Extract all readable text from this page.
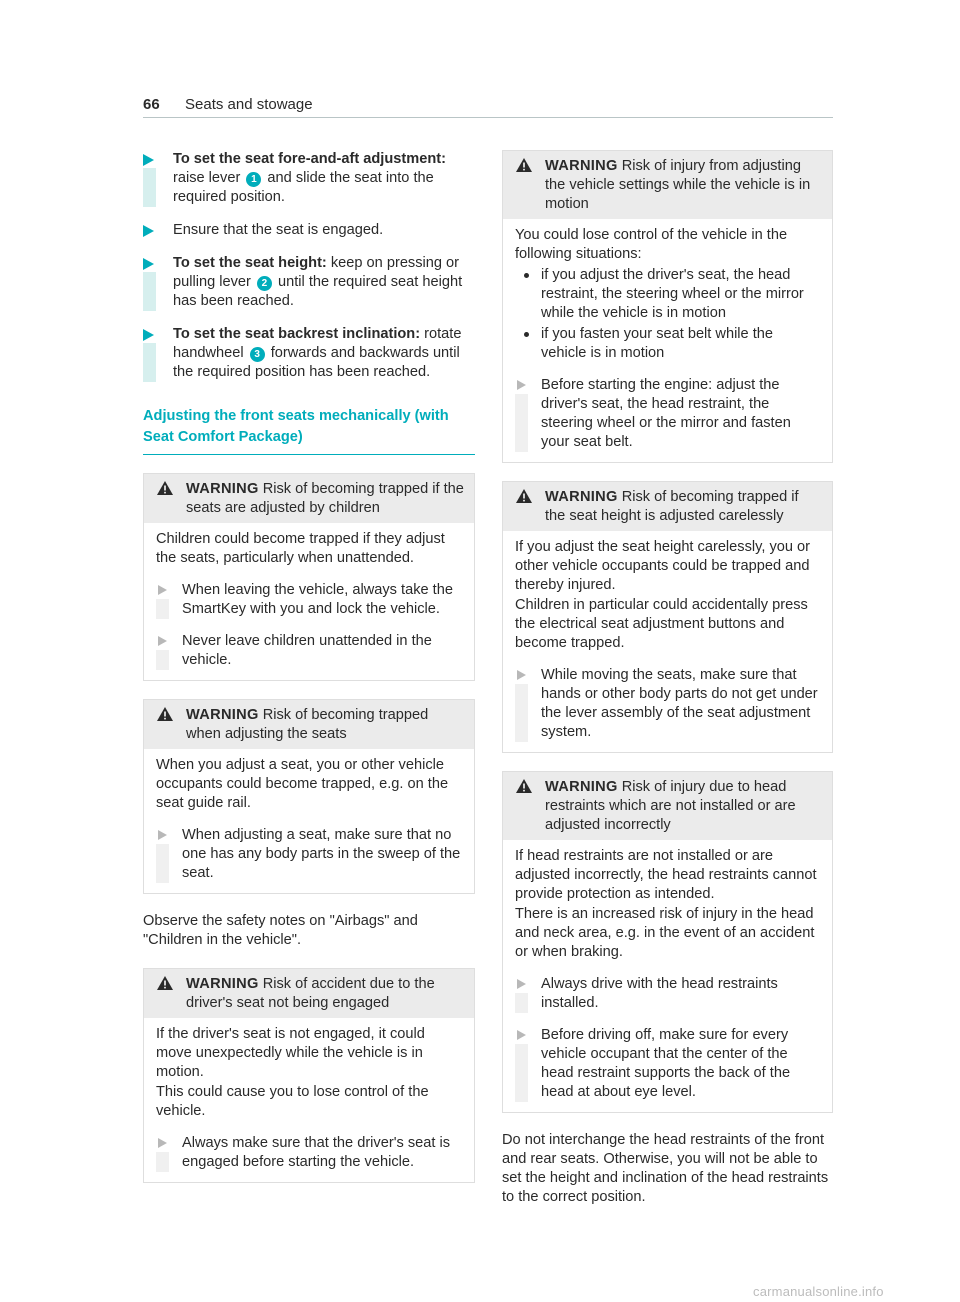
66 Seats and stowage
To set the seat fore-and-aft adjustment: raise lever 1 and slide the seat into the required position.
Ensure that the seat is engaged.
To set the seat height: keep on pressing or pulling lever 2 until the required seat height has been reached.
To set the seat backrest inclination: rotate handwheel 3 forwards and backwards until the required position has been reached.
Adjusting the front seats mechanically (with Seat Comfort Package)
WARNING Risk of becoming trapped if the seats are adjusted by children

Children could become trapped if they adjust the seats, particularly when unattended.

When leaving the vehicle, always take the SmartKey with you and lock the vehicle.
Never leave children unattended in the vehicle.
WARNING Risk of becoming trapped when adjusting the seats

When you adjust a seat, you or other vehicle occupants could become trapped, e.g. on the seat guide rail.

When adjusting a seat, make sure that no one has any body parts in the sweep of the seat.

Observe the safety notes on "Airbags" and "Children in the vehicle".

WARNING Risk of accident due to the driver's seat not being engaged

If the driver's seat is not engaged, it could move unexpectedly while the vehicle is in motion.

This could cause you to lose control of the vehicle.

Always make sure that the driver's seat is engaged before starting the vehicle.
WARNING Risk of injury from adjusting the vehicle settings while the vehicle is in motion

You could lose control of the vehicle in the following situations:

if you adjust the driver's seat, the head restraint, the steering wheel or the mirror while the vehicle is in motion
if you fasten your seat belt while the vehicle is in motion
Before starting the engine: adjust the driver's seat, the head restraint, the steering wheel or the mirror and fasten your seat belt.
WARNING Risk of becoming trapped if the seat height is adjusted carelessly

If you adjust the seat height carelessly, you or other vehicle occupants could be trapped and thereby injured.

Children in particular could accidentally press the electrical seat adjustment buttons and become trapped.

While moving the seats, make sure that hands or other body parts do not get under the lever assembly of the seat adjustment system.
WARNING Risk of injury due to head restraints which are not installed or are adjusted incorrectly

If head restraints are not installed or are adjusted incorrectly, the head restraints cannot provide protection as intended.

There is an increased risk of injury in the head and neck area, e.g. in the event of an accident or when braking.

Always drive with the head restraints installed.
Before driving off, make sure for every vehicle occupant that the center of the head restraint supports the back of the head at about eye level.

Do not interchange the head restraints of the front and rear seats. Otherwise, you will not be able to set the height and inclination of the head restraints to the correct position.

carmanualsonline.info
